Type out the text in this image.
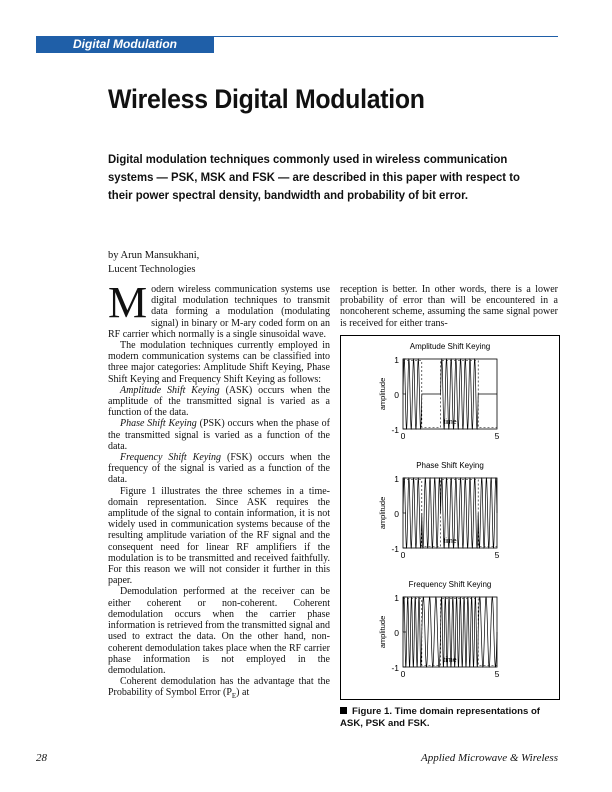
Digital Modulation
Wireless Digital Modulation
Digital modulation techniques commonly used in wireless communication systems — PSK, MSK and FSK — are described in this paper with respect to their power spectral density, bandwidth and probability of bit error.
by Arun Mansukhani,
Lucent Technologies

Modern wireless communication systems use digital modulation techniques to transmit data forming a modulation (modulating signal) in binary or M-ary coded form on an RF carrier which normally is a single sinusoidal wave.

The modulation techniques currently employed in modern communication systems can be classified into three major categories: Amplitude Shift Keying, Phase Shift Keying and Frequency Shift Keying as follows:

Amplitude Shift Keying (ASK) occurs when the amplitude of the transmitted signal is varied as a function of the data.

Phase Shift Keying (PSK) occurs when the phase of the transmitted signal is varied as a function of the data.

Frequency Shift Keying (FSK) occurs when the frequency of the signal is varied as a function of the data.

Figure 1 illustrates the three schemes in a time-domain representation. Since ASK requires the amplitude of the signal to contain information, it is not widely used in communication systems because of the resulting amplitude variation of the RF signal and the consequent need for linear RF amplifiers if the modulation is to be transmitted and received faithfully. For this reason we will not consider it further in this paper.

Demodulation performed at the receiver can be either coherent or non-coherent. Coherent demodulation occurs when the carrier phase information is retrieved from the transmitted signal and used to extract the data. On the other hand, non-coherent demodulation takes place when the RF carrier phase information is not employed in the demodulation.

Coherent demodulation has the advantage that the Probability of Symbol Error $(P_E)$ at

reception is better. In other words, there is a lower probability of error than will be encountered in a noncoherent scheme, assuming the same signal power is received for either trans-

Amplitude Shift Keying
1
0
-1
amplitude
0	5
time
Phase Shift Keying
1
0
-1
amplitude
0	5
time
Frequency Shift Keying
1
0
-1
amplitude
0	5
time
Figure 1. Time domain representations of ASK, PSK and FSK.
28	Applied Microwave & Wireless
